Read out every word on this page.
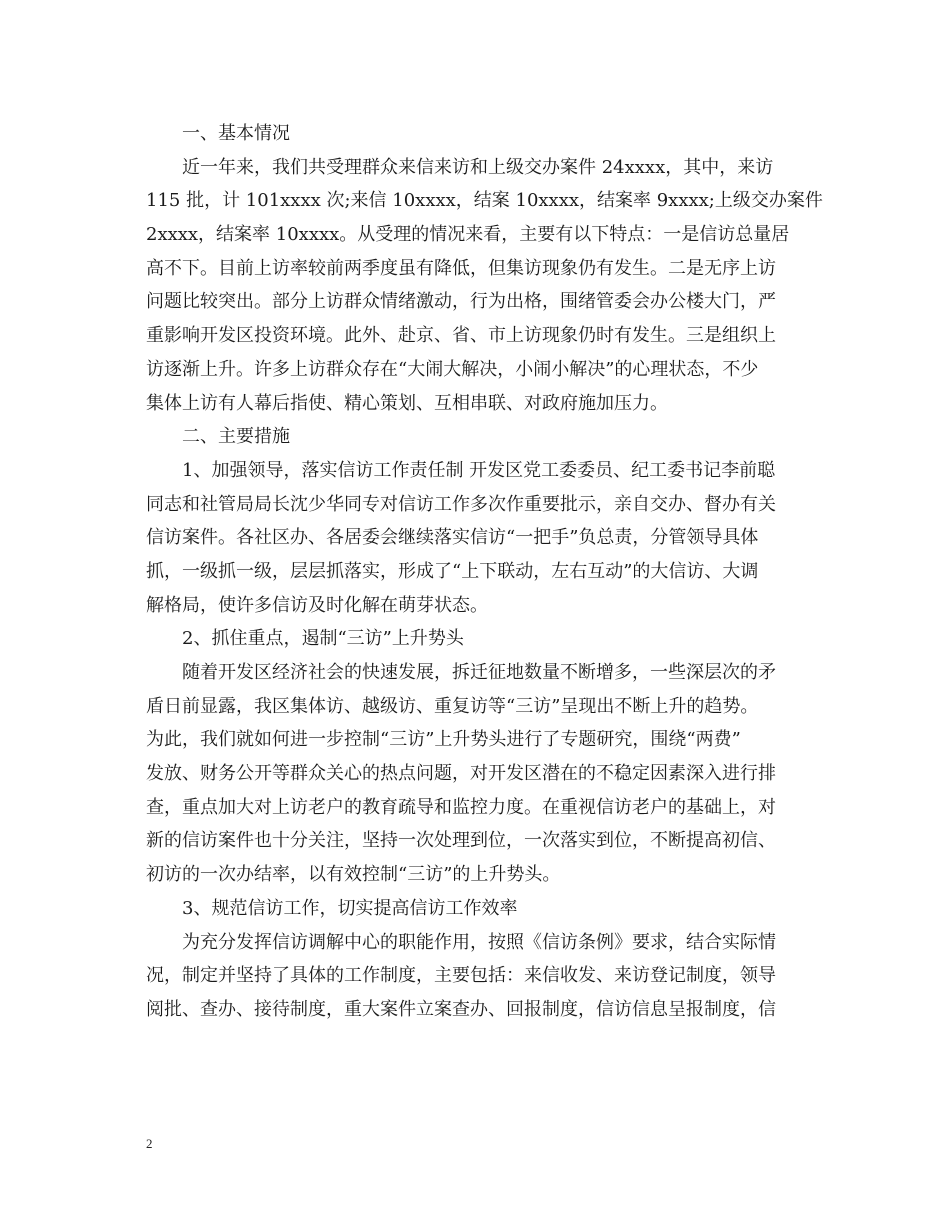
一、基本情况
近一年来，我们共受理群众来信来访和上级交办案件 24xxxx，其中，来访
115 批，计 101xxxx 次;来信 10xxxx，结案 10xxxx，结案率 9xxxx;上级交办案件
2xxxx，结案率 10xxxx。从受理的情况来看，主要有以下特点：一是信访总量居
高不下。目前上访率较前两季度虽有降低，但集访现象仍有发生。二是无序上访
问题比较突出。部分上访群众情绪激动，行为出格，围绪管委会办公楼大门，严
重影响开发区投资环境。此外、赴京、省、市上访现象仍时有发生。三是组织上
访逐渐上升。许多上访群众存在“大闹大解决，小闹小解决”的心理状态，不少
集体上访有人幕后指使、精心策划、互相串联、对政府施加压力。
二、主要措施
1、加强领导，落实信访工作责任制 开发区党工委委员、纪工委书记李前聪
同志和社管局局长沈少华同专对信访工作多次作重要批示，亲自交办、督办有关
信访案件。各社区办、各居委会继续落实信访“一把手”负总责，分管领导具体
抓，一级抓一级，层层抓落实，形成了“上下联动，左右互动”的大信访、大调
解格局，使许多信访及时化解在萌芽状态。
2、抓住重点，遏制“三访”上升势头
随着开发区经济社会的快速发展，拆迁征地数量不断增多，一些深层次的矛
盾日前显露，我区集体访、越级访、重复访等“三访”呈现出不断上升的趋势。
为此，我们就如何进一步控制“三访”上升势头进行了专题研究，围绕“两费”
发放、财务公开等群众关心的热点问题，对开发区潜在的不稳定因素深入进行排
查，重点加大对上访老户的教育疏导和监控力度。在重视信访老户的基础上，对
新的信访案件也十分关注，坚持一次处理到位，一次落实到位，不断提高初信、
初访的一次办结率，以有效控制“三访”的上升势头。
3、规范信访工作，切实提高信访工作效率
为充分发挥信访调解中心的职能作用，按照《信访条例》要求，结合实际情
况，制定并坚持了具体的工作制度，主要包括：来信收发、来访登记制度，领导
阅批、查办、接待制度，重大案件立案查办、回报制度，信访信息呈报制度，信
2
